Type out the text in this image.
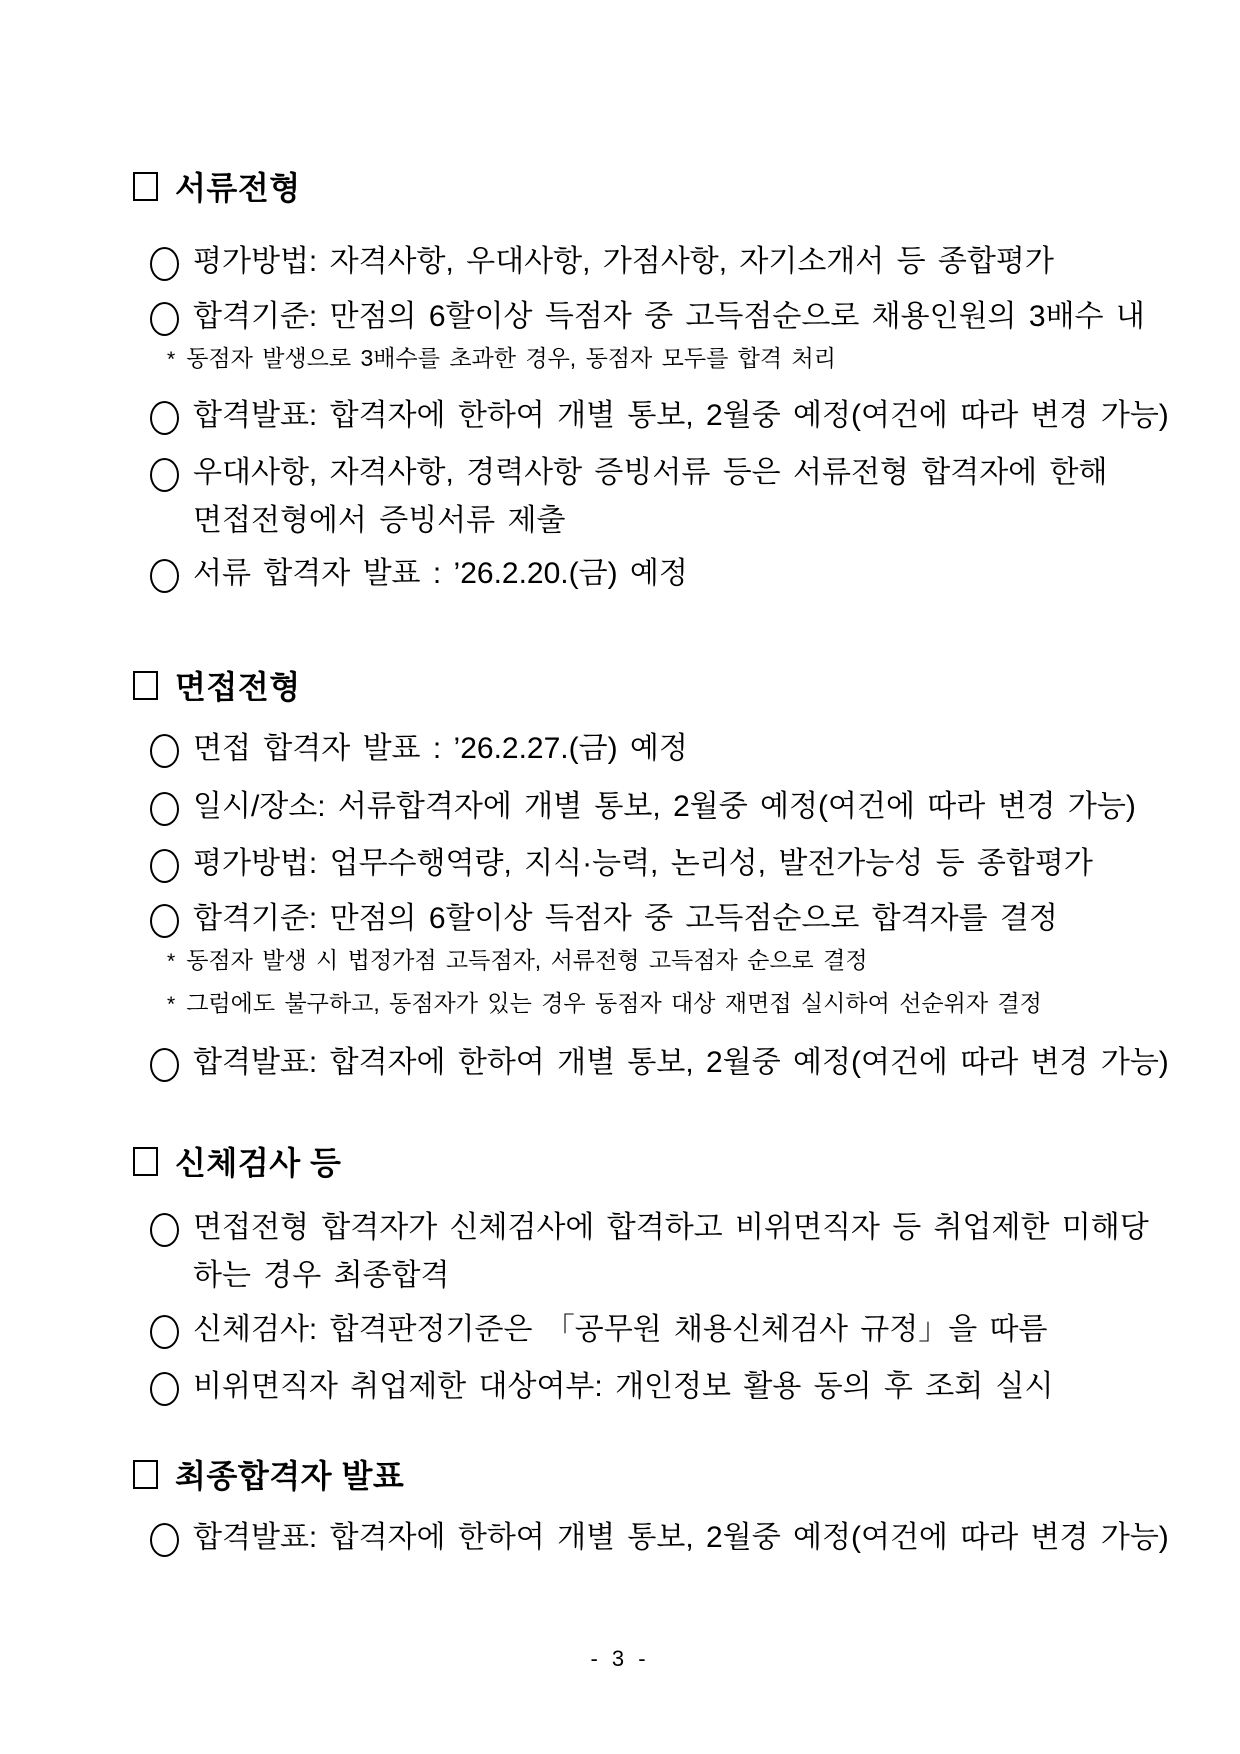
서류전형
평가방법: 자격사항, 우대사항, 가점사항, 자기소개서 등 종합평가
합격기준: 만점의 6할이상 득점자 중 고득점순으로 채용인원의 3배수 내
* 동점자 발생으로 3배수를 초과한 경우, 동점자 모두를 합격 처리
합격발표: 합격자에 한하여 개별 통보, 2월중 예정(여건에 따라 변경 가능)
우대사항, 자격사항, 경력사항 증빙서류 등은 서류전형 합격자에 한해
면접전형에서 증빙서류 제출
서류 합격자 발표 : ’26.2.20.(금) 예정
면접전형
면접 합격자 발표 : ’26.2.27.(금) 예정
일시/장소: 서류합격자에 개별 통보, 2월중 예정(여건에 따라 변경 가능)
평가방법: 업무수행역량, 지식·능력, 논리성, 발전가능성 등 종합평가
합격기준: 만점의 6할이상 득점자 중 고득점순으로 합격자를 결정
* 동점자 발생 시 법정가점 고득점자, 서류전형 고득점자 순으로 결정
* 그럼에도 불구하고, 동점자가 있는 경우 동점자 대상 재면접 실시하여 선순위자 결정
합격발표: 합격자에 한하여 개별 통보, 2월중 예정(여건에 따라 변경 가능)
신체검사 등
면접전형 합격자가 신체검사에 합격하고 비위면직자 등 취업제한 미해당
하는 경우 최종합격
신체검사: 합격판정기준은 「공무원 채용신체검사 규정」을 따름
비위면직자 취업제한 대상여부: 개인정보 활용 동의 후 조회 실시
최종합격자 발표
합격발표: 합격자에 한하여 개별 통보, 2월중 예정(여건에 따라 변경 가능)
- 3 -
